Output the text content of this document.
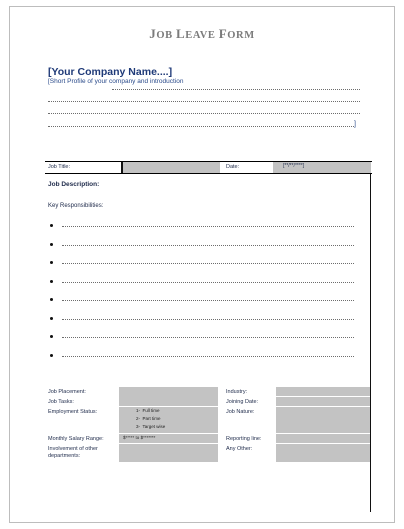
JOB LEAVE FORM
[Your Company Name....]
[Short Profile of your company and introduction
]
Job Title:	Date:	[**/**/****]
Job Description:
Key Responsibilities:
Job Placement:
Job Tasks:
Employment Status:
Monthly Salary Range:
Involvement of other departments:
1-  Full time
2-  Part time
3-  Target wise
$***** to $*******
Industry:
Joining Date:
Job Nature:
Reporting line:
Any Other:
